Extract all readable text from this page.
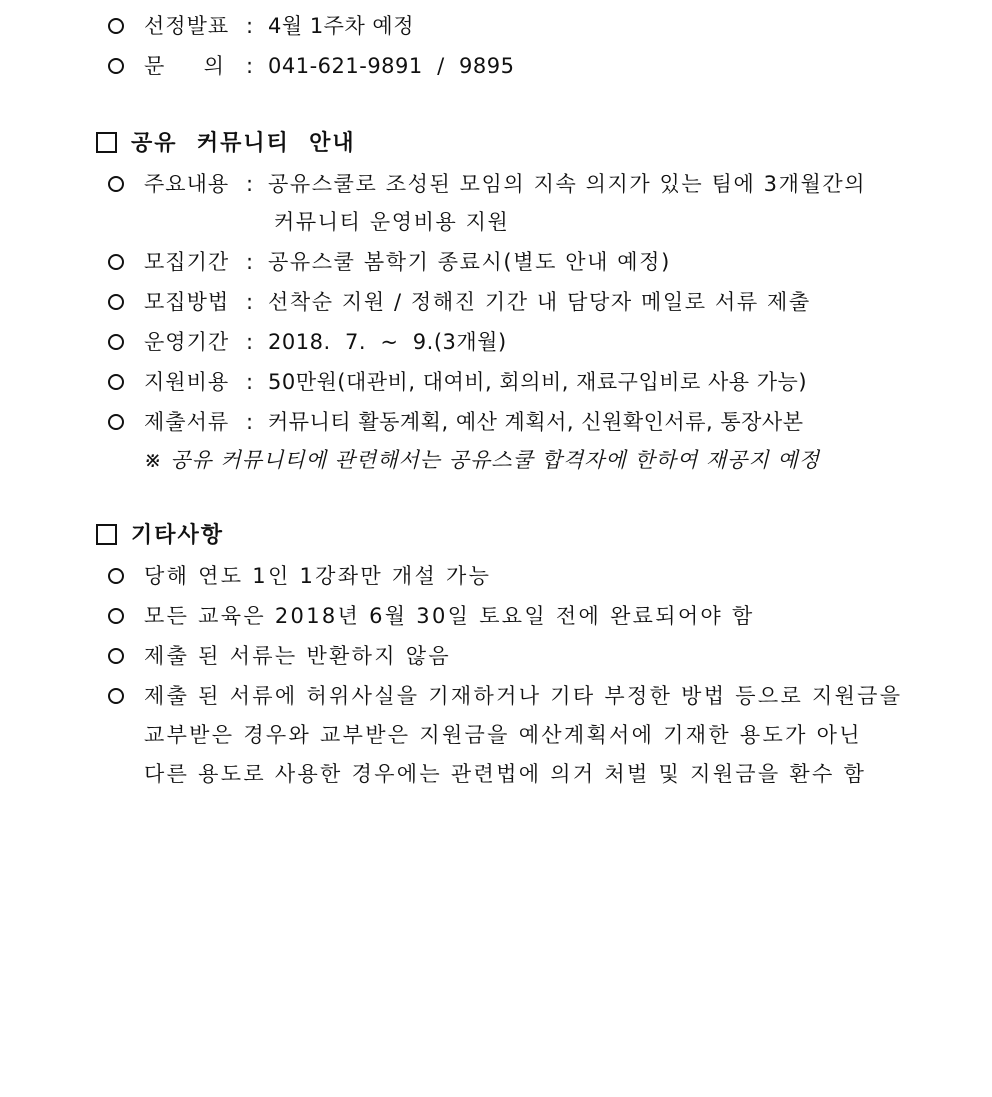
선정발표 : 4월 1주차 예정
문     의 : 041-621-9891  /  9895
공유  커뮤니티  안내
주요내용 : 공유스쿨로 조성된 모임의 지속 의지가 있는 팀에 3개월간의
커뮤니티 운영비용 지원
모집기간 : 공유스쿨 봄학기 종료시(별도 안내 예정)
모집방법 : 선착순 지원 / 정해진 기간 내 담당자 메일로 서류 제출
운영기간 : 2018.  7.  ~  9.(3개월)
지원비용 : 50만원(대관비, 대여비, 회의비, 재료구입비로 사용 가능)
제출서류 : 커뮤니티 활동계획, 예산 계획서, 신원확인서류, 통장사본
※ 공유 커뮤니티에 관련해서는 공유스쿨 합격자에 한하여 재공지 예정
기타사항
당해 연도 1인 1강좌만 개설 가능
모든 교육은 2018년 6월 30일 토요일 전에 완료되어야 함
제출 된 서류는 반환하지 않음
제출 된 서류에 허위사실을 기재하거나 기타 부정한 방법 등으로 지원금을
교부받은 경우와 교부받은 지원금을 예산계획서에 기재한 용도가 아닌
다른 용도로 사용한 경우에는 관련법에 의거 처벌 및 지원금을 환수 함
